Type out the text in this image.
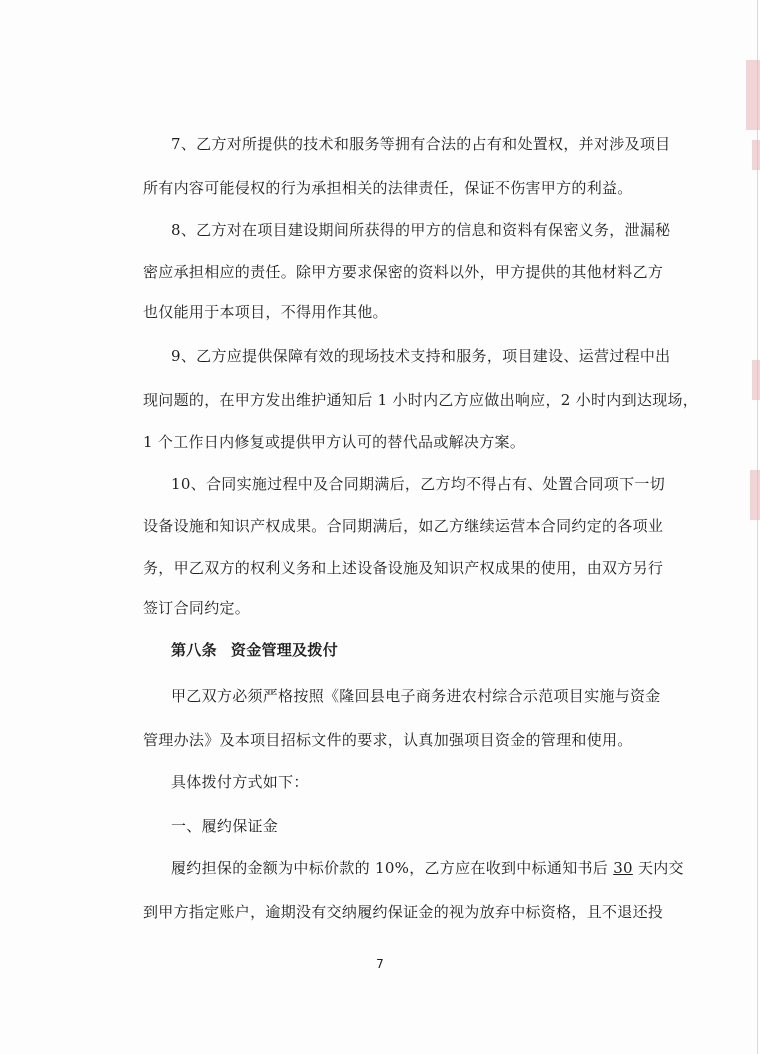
7、乙方对所提供的技术和服务等拥有合法的占有和处置权，并对涉及项目
所有内容可能侵权的行为承担相关的法律责任，保证不伤害甲方的利益。
8、乙方对在项目建设期间所获得的甲方的信息和资料有保密义务，泄漏秘
密应承担相应的责任。除甲方要求保密的资料以外，甲方提供的其他材料乙方
也仅能用于本项目，不得用作其他。
9、乙方应提供保障有效的现场技术支持和服务，项目建设、运营过程中出
现问题的，在甲方发出维护通知后 1 小时内乙方应做出响应，2 小时内到达现场，
1 个工作日内修复或提供甲方认可的替代品或解决方案。
10、合同实施过程中及合同期满后，乙方均不得占有、处置合同项下一切
设备设施和知识产权成果。合同期满后，如乙方继续运营本合同约定的各项业
务，甲乙双方的权利义务和上述设备设施及知识产权成果的使用，由双方另行
签订合同约定。
第八条 资金管理及拨付
甲乙双方必须严格按照《隆回县电子商务进农村综合示范项目实施与资金
管理办法》及本项目招标文件的要求，认真加强项目资金的管理和使用。
具体拨付方式如下：
一、履约保证金
履约担保的金额为中标价款的 10%，乙方应在收到中标通知书后 30 天内交
到甲方指定账户，逾期没有交纳履约保证金的视为放弃中标资格，且不退还投
7
